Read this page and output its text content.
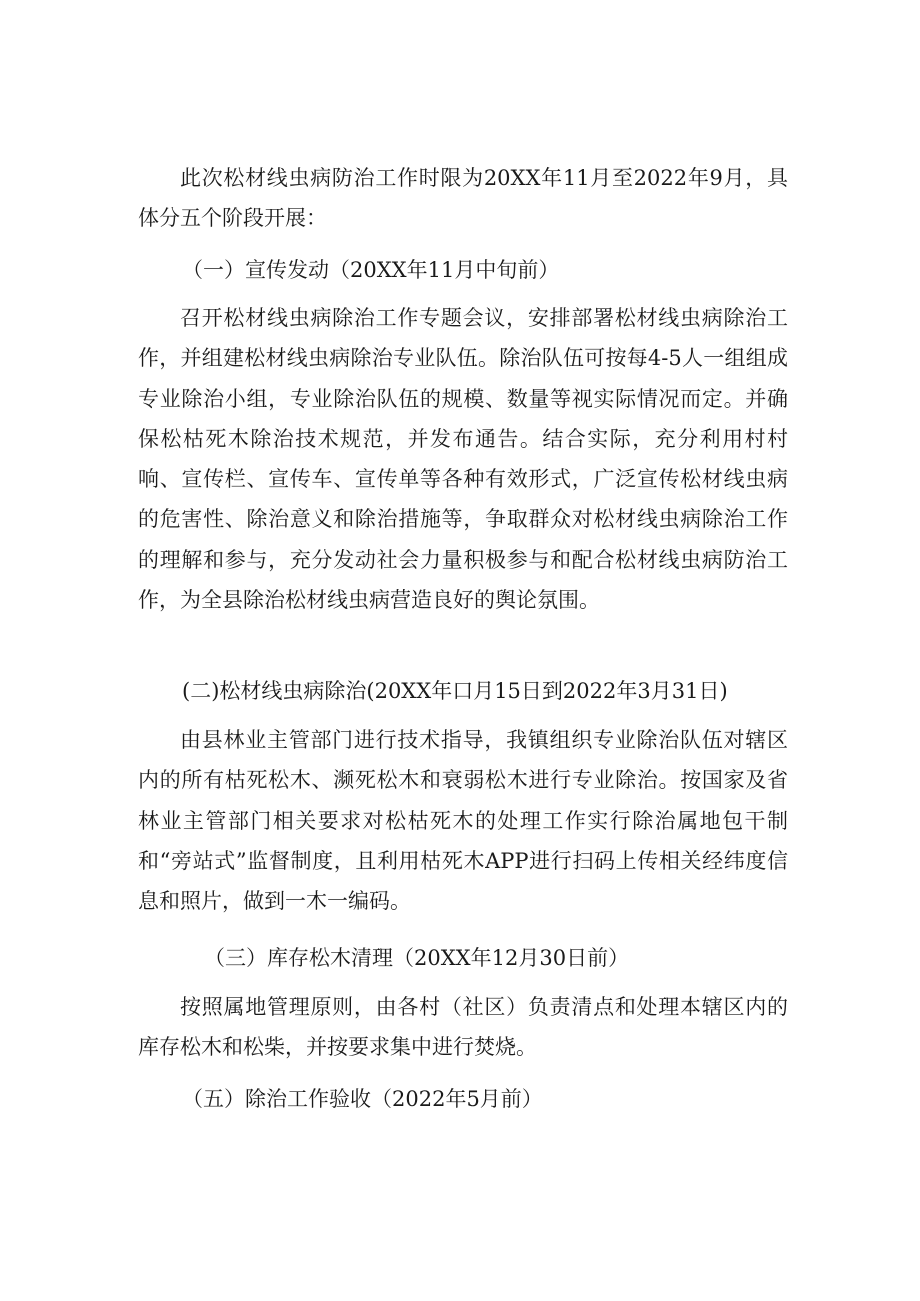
此次松材线虫病防治工作时限为20XX年11月至2022年9月，具体分五个阶段开展：
（一）宣传发动（20XX年11月中旬前）
召开松材线虫病除治工作专题会议，安排部署松材线虫病除治工作，并组建松材线虫病除治专业队伍。除治队伍可按每4-5人一组组成专业除治小组，专业除治队伍的规模、数量等视实际情况而定。并确保松枯死木除治技术规范，并发布通告。结合实际，充分利用村村响、宣传栏、宣传车、宣传单等各种有效形式，广泛宣传松材线虫病的危害性、除治意义和除治措施等，争取群众对松材线虫病除治工作的理解和参与，充分发动社会力量积极参与和配合松材线虫病防治工作，为全县除治松材线虫病营造良好的舆论氛围。
(二)松材线虫病除治(20XX年口月15日到2022年3月31日)
由县林业主管部门进行技术指导，我镇组织专业除治队伍对辖区内的所有枯死松木、濒死松木和衰弱松木进行专业除治。按国家及省林业主管部门相关要求对松枯死木的处理工作实行除治属地包干制和“旁站式”监督制度，且利用枯死木APP进行扫码上传相关经纬度信息和照片，做到一木一编码。
（三）库存松木清理（20XX年12月30日前）
按照属地管理原则，由各村（社区）负责清点和处理本辖区内的库存松木和松柴，并按要求集中进行焚烧。
（五）除治工作验收（2022年5月前）
